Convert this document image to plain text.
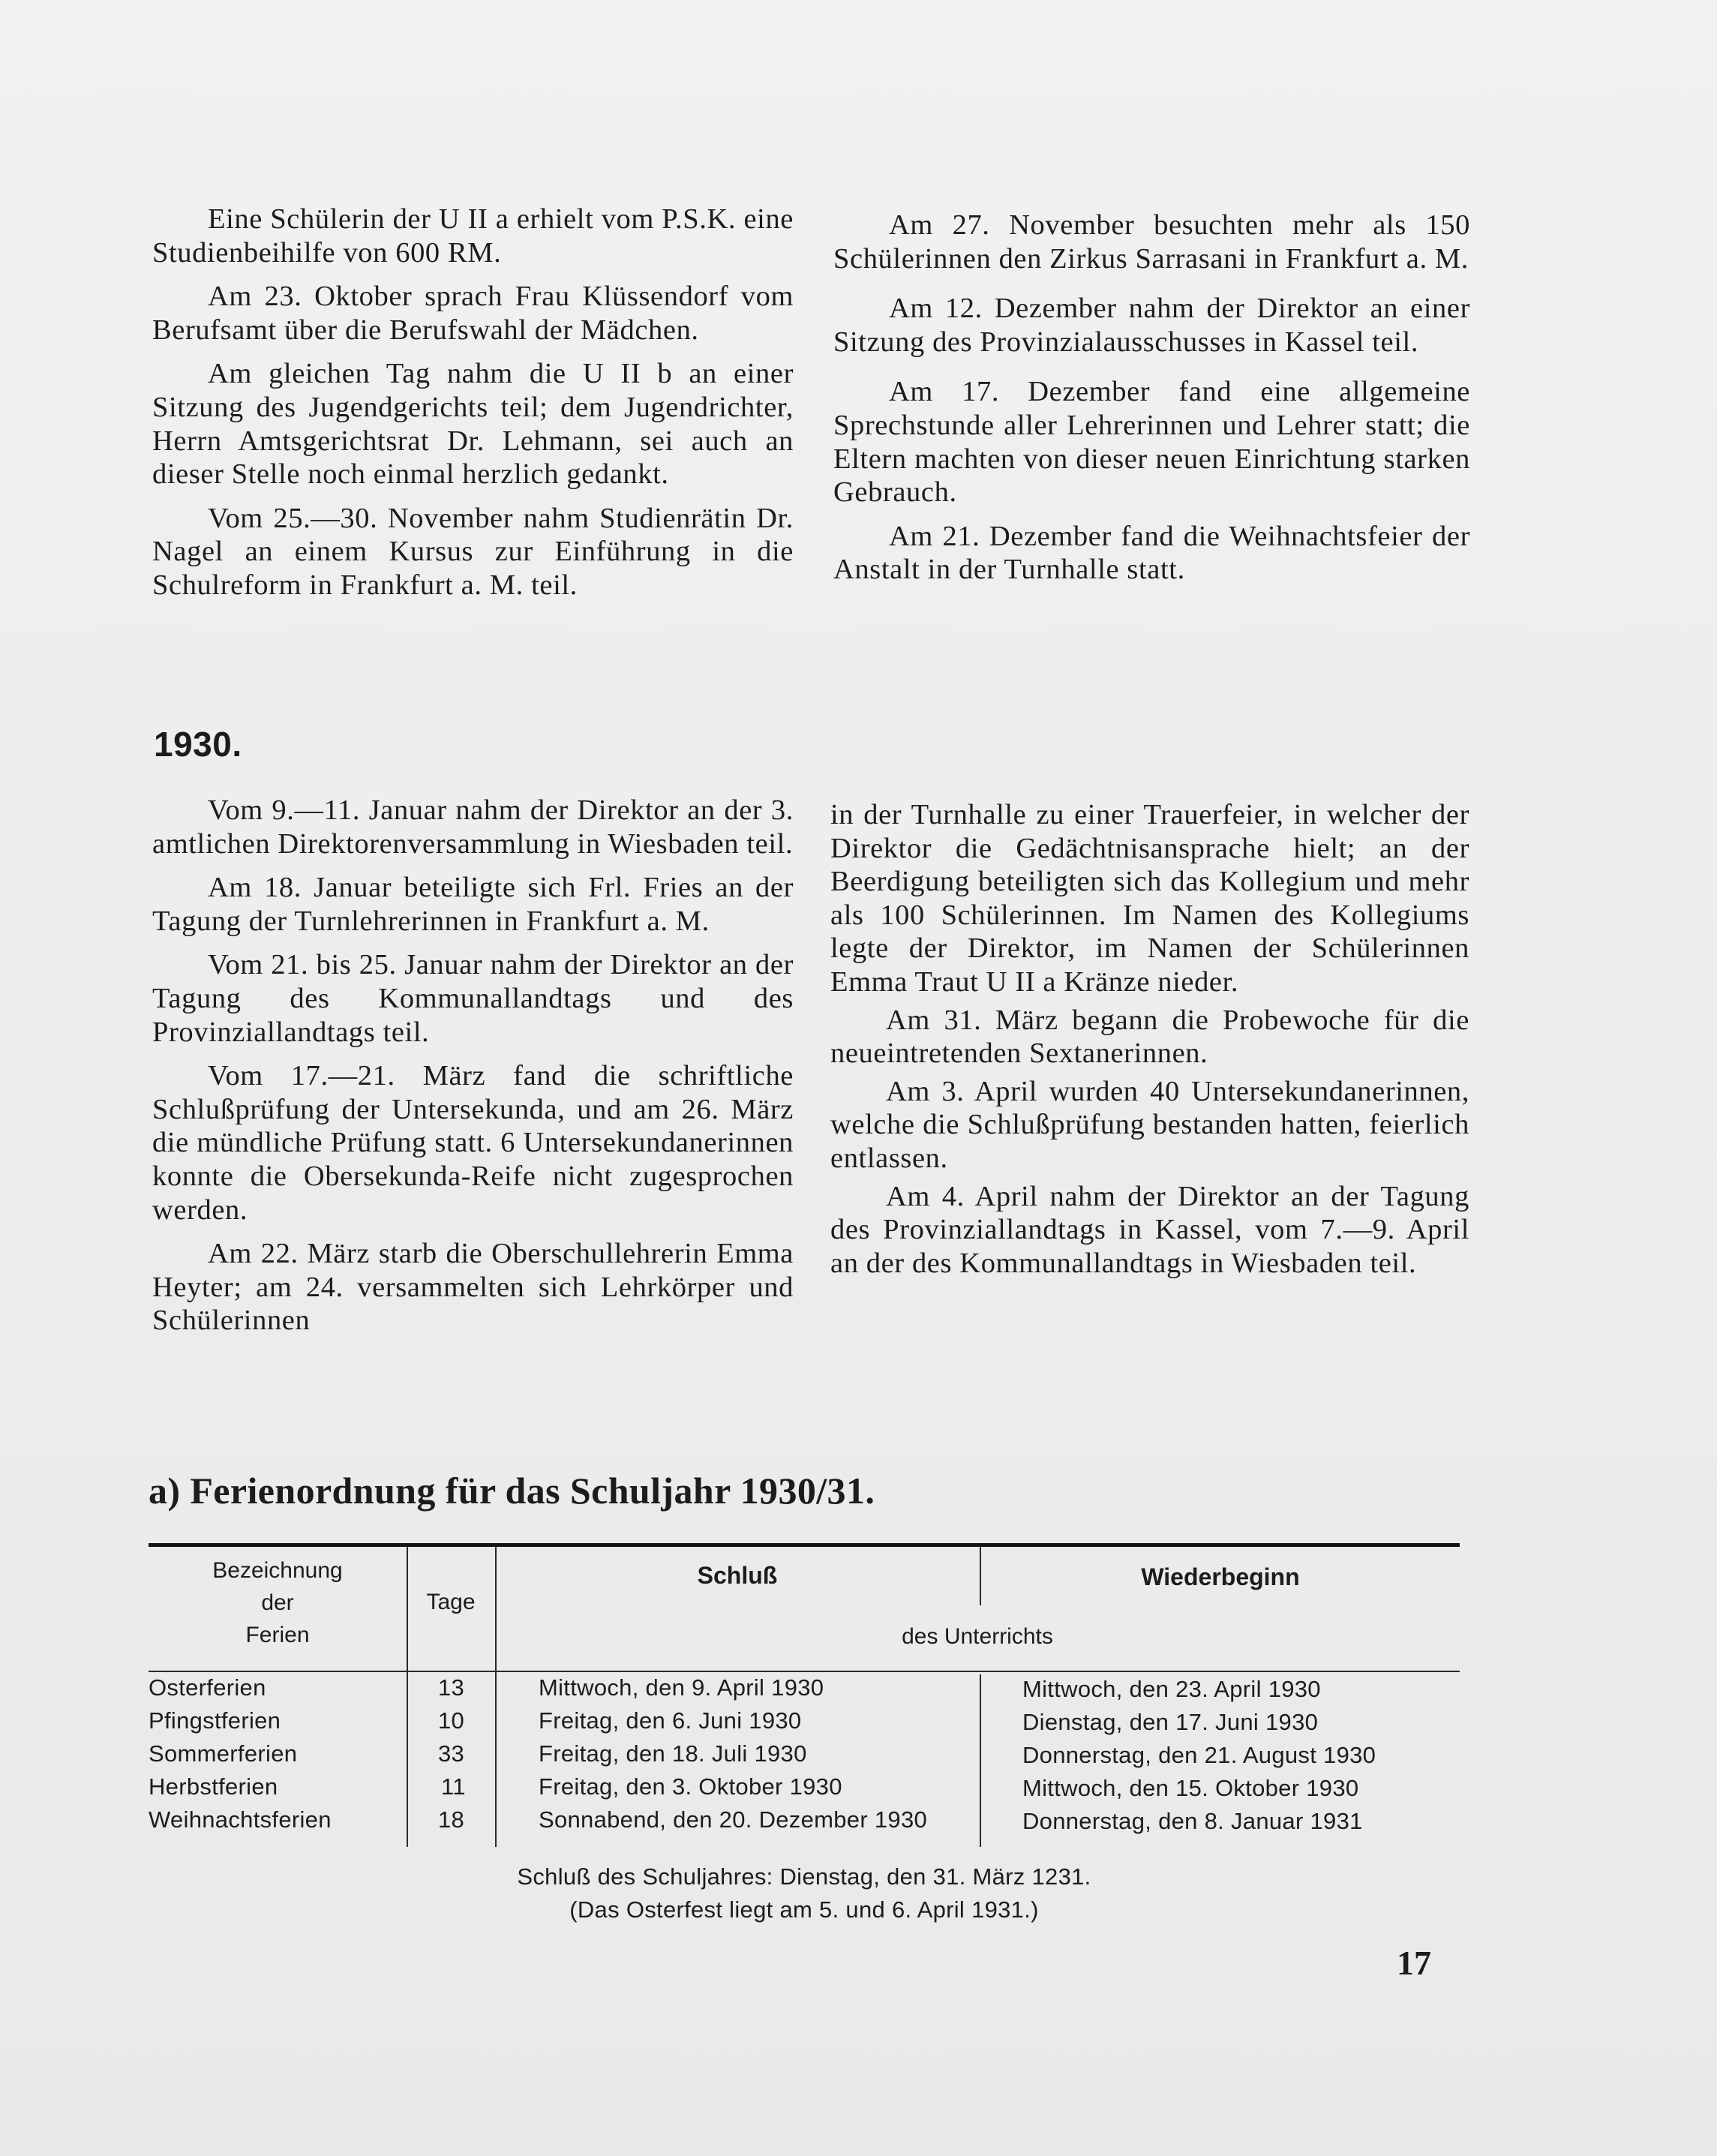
Eine Schülerin der U II a erhielt vom P.S.K. eine Studienbeihilfe von 600 RM.

Am 23. Oktober sprach Frau Klüssendorf vom Berufsamt über die Berufswahl der Mädchen.

Am gleichen Tag nahm die U II b an einer Sitzung des Jugendgerichts teil; dem Jugendrichter, Herrn Amtsgerichtsrat Dr. Lehmann, sei auch an dieser Stelle noch einmal herzlich gedankt.

Vom 25.—30. November nahm Studienrätin Dr. Nagel an einem Kursus zur Einführung in die Schulreform in Frankfurt a. M. teil.

Am 27. November besuchten mehr als 150 Schülerinnen den Zirkus Sarrasani in Frankfurt a. M.

Am 12. Dezember nahm der Direktor an einer Sitzung des Provinzialausschusses in Kassel teil.

Am 17. Dezember fand eine allgemeine Sprechstunde aller Lehrerinnen und Lehrer statt; die Eltern machten von dieser neuen Einrichtung starken Gebrauch.

Am 21. Dezember fand die Weihnachtsfeier der Anstalt in der Turnhalle statt.

1930.

Vom 9.—11. Januar nahm der Direktor an der 3. amtlichen Direktorenversammlung in Wiesbaden teil.

Am 18. Januar beteiligte sich Frl. Fries an der Tagung der Turnlehrerinnen in Frankfurt a. M.

Vom 21. bis 25. Januar nahm der Direktor an der Tagung des Kommunallandtags und des Provinziallandtags teil.

Vom 17.—21. März fand die schriftliche Schlußprüfung der Untersekunda, und am 26. März die mündliche Prüfung statt. 6 Untersekundanerinnen konnte die Obersekunda-Reife nicht zugesprochen werden.

Am 22. März starb die Oberschullehrerin Emma Heyter; am 24. versammelten sich Lehrkörper und Schülerinnen

in der Turnhalle zu einer Trauerfeier, in welcher der Direktor die Gedächtnisansprache hielt; an der Beerdigung beteiligten sich das Kollegium und mehr als 100 Schülerinnen. Im Namen des Kollegiums legte der Direktor, im Namen der Schülerinnen Emma Traut U II a Kränze nieder.

Am 31. März begann die Probewoche für die neueintretenden Sextanerinnen.

Am 3. April wurden 40 Untersekundanerinnen, welche die Schlußprüfung bestanden hatten, feierlich entlassen.

Am 4. April nahm der Direktor an der Tagung des Provinziallandtags in Kassel, vom 7.—9. April an der des Kommunallandtags in Wiesbaden teil.

a) Ferienordnung für das Schuljahr 1930/31.
Bezeichnung
der
Ferien
Tage
Schluß	Wiederbeginn
des Unterrichts
Osterferien	13	Mittwoch, den 9. April 1930	Mittwoch, den 23. April 1930
Pfingstferien	10	Freitag, den 6. Juni 1930	Dienstag, den 17. Juni 1930
Sommerferien	33	Freitag, den 18. Juli 1930	Donnerstag, den 21. August 1930
Herbstferien	11	Freitag, den 3. Oktober 1930	Mittwoch, den 15. Oktober 1930
Weihnachtsferien	18	Sonnabend, den 20. Dezember 1930	Donnerstag, den 8. Januar 1931
Schluß des Schuljahres: Dienstag, den 31. März 1231.
(Das Osterfest liegt am 5. und 6. April 1931.)
17
